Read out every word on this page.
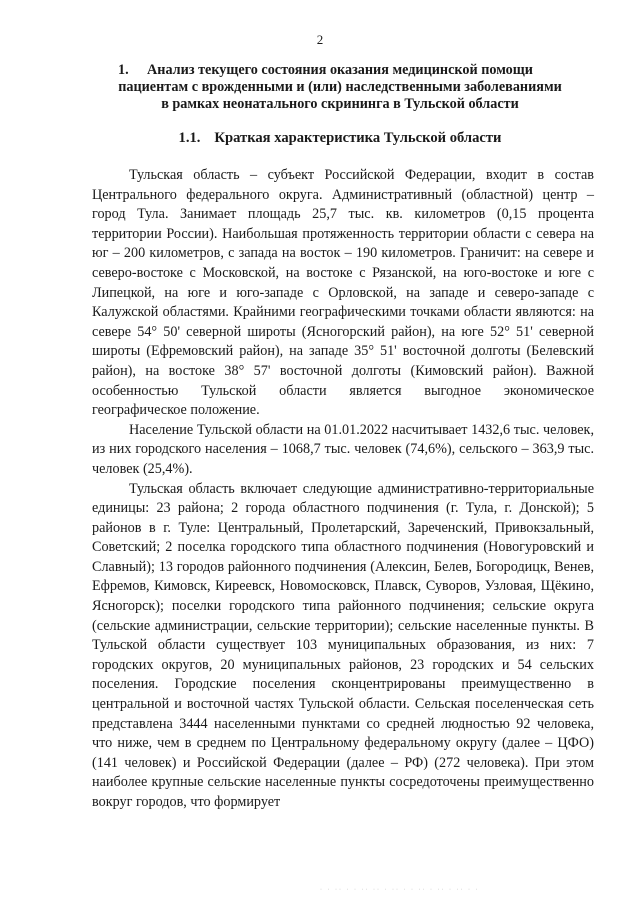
2
1.	Анализ текущего состояния оказания медицинской помощи
пациентам с врожденными и (или) наследственными заболеваниями
в рамках неонатального скрининга в Тульской области
1.1. Краткая характеристика Тульской области

Тульская область – субъект Российской Федерации, входит в состав Центрального федерального округа. Административный (областной) центр – город Тула. Занимает площадь 25,7 тыс. кв. километров (0,15 процента территории России). Наибольшая протяженность территории области с севера на юг – 200 километров, с запада на восток – 190 километров. Граничит: на севере и северо-востоке с Московской, на востоке с Рязанской, на юго-востоке и юге с Липецкой, на юге и юго-западе с Орловской, на западе и северо-западе с Калужской областями. Крайними географическими точками области являются: на севере 54° 50' северной широты (Ясногорский район), на юге 52° 51' северной широты (Ефремовский район), на западе 35° 51' восточной долготы (Белевский район), на востоке 38° 57' восточной долготы (Кимовский район). Важной особенностью Тульской области является выгодное экономическое географическое положение.

Население Тульской области на 01.01.2022 насчитывает 1432,6 тыс. человек, из них городского населения – 1068,7 тыс. человек (74,6%), сельского – 363,9 тыс. человек (25,4%).

Тульская область включает следующие административно-территориальные единицы: 23 района; 2 города областного подчинения (г. Тула, г. Донской); 5 районов в г. Туле: Центральный, Пролетарский, Зареченский, Привокзальный, Советский; 2 поселка городского типа областного подчинения (Новогуровский и Славный); 13 городов районного подчинения (Алексин, Белев, Богородицк, Венев, Ефремов, Кимовск, Киреевск, Новомосковск, Плавск, Суворов, Узловая, Щёкино, Ясногорск); поселки городского типа районного подчинения; сельские округа (сельские администрации, сельские территории); сельские населенные пункты. В Тульской области существует 103 муниципальных образования, из них: 7 городских округов, 20 муниципальных районов, 23 городских и 54 сельских поселения. Городские поселения сконцентрированы преимущественно в центральной и восточной частях Тульской области. Сельская поселенческая сеть представлена 3444 населенными пунктами со средней людностью 92 человека, что ниже, чем в среднем по Центральному федеральному округу (далее – ЦФО) (141 человек) и Российской Федерации (далее – РФ) (272 человека). При этом наиболее крупные сельские населенные пункты сосредоточены преимущественно вокруг городов, что формирует

· · ·· · · ·· ·· · ·· · · ·· · ·· · ·· · ·
